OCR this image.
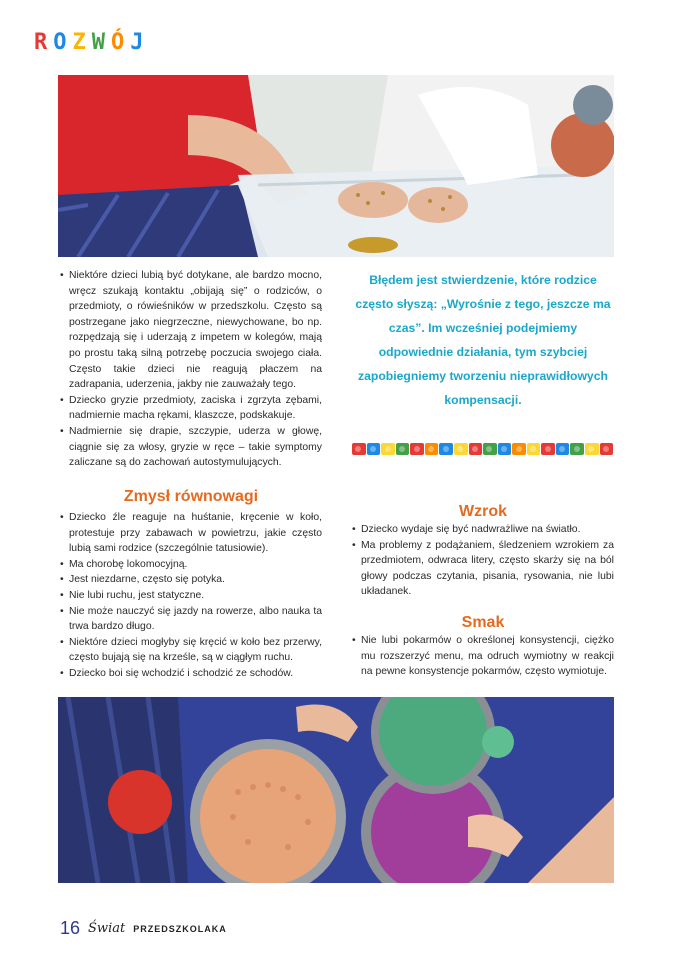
R O Z W Ó J
• Niektóre dzieci lubią być dotykane, ale bardzo mocno, wręcz szukają kontaktu „obijają się” o rodziców, o przedmioty, o rówieśników w przedszkolu. Często są postrzegane jako niegrzeczne, niewychowane, bo np. rozpędzają się i uderzają z impetem w kolegów, mają po prostu taką silną potrzebę poczucia swojego ciała. Często takie dzieci nie reagują płaczem na zadrapania, uderzenia, jakby nie zauważały tego.
• Dziecko gryzie przedmioty, zaciska i zgrzyta zębami, nadmiernie macha rękami, klaszcze, podskakuje.
• Nadmiernie się drapie, szczypie, uderza w głowę, ciągnie się za włosy, gryzie w ręce – takie symptomy zaliczane są do zachowań autostymulujących.
Zmysł równowagi
• Dziecko źle reaguje na huśtanie, kręcenie w koło, protestuje przy zabawach w powietrzu, jakie często lubią sami rodzice (szczególnie tatusiowie).
• Ma chorobę lokomocyjną.
• Jest niezdarne, często się potyka.
• Nie lubi ruchu, jest statyczne.
• Nie może nauczyć się jazdy na rowerze, albo nauka ta trwa bardzo długo.
• Niektóre dzieci mogłyby się kręcić w koło bez przerwy, często bujają się na krześle, są w ciągłym ruchu.
• Dziecko boi się wchodzić i schodzić ze schodów.
Błędem jest stwierdzenie, które rodzice często słyszą: „Wyrośnie z tego, jeszcze ma czas”. Im wcześniej podejmiemy odpowiednie działania, tym szybciej zapobiegniemy tworzeniu nieprawidłowych kompensacji.
Wzrok
• Dziecko wydaje się być nadwrażliwe na światło.
• Ma problemy z podążaniem, śledzeniem wzrokiem za przedmiotem, odwraca litery, często skarży się na ból głowy podczas czytania, pisania, rysowania, nie lubi układanek.
Smak
• Nie lubi pokarmów o określonej konsystencji, ciężko mu rozszerzyć menu, ma odruch wymiotny w reakcji na pewne konsystencje pokarmów, często wymiotuje.
16 Świat PRZEDSZKOLAKA
